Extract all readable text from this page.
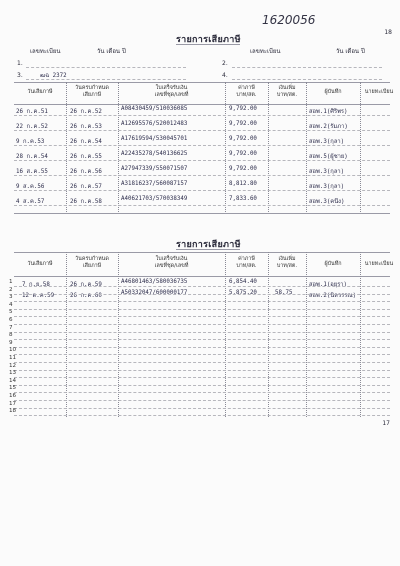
18
1620056
รายการเสียภาษี
เลขทะเบียน	วัน เดือน ปี	เลขทะเบียน	วัน เดือน ปี
1.	2.
3.	ฒฉ 2372	4.
วันเสียภาษี
วันครบกำหนด
เสียภาษี
ใบเสร็จรับเงิน
เลขที่ชุด/เลขที่
ค่าภาษี
บาท/สต.
เงินเพิ่ม
บาท/สต.	ผู้บันทึก	นายทะเบียน
26 ก.ค.51	26 ก.ค.52	A08430459/510036085	9,792.00	สอพ.1(ศิริพร)
22 ก.ค.52	26 ก.ค.53	A12695576/520012483	9,792.00	สอพ.2(รัมภา)
9 ก.ค.53	26 ก.ค.54	A17619594/530045701	9,792.00	สอพ.3(กุลา)
28 ก.ค.54	26 ก.ค.55	A22435278/540136625	9,792.00	สอพ.5(ผู้ชาย)
16 ส.ค.55	26 ก.ค.56	A27947339/550071507	9,792.00	สอพ.3(กุลา)
9 ส.ค.56	26 ก.ค.57	A31816237/560087157	8,812.80	สอพ.3(กุลา)
4 ส.ค.57	26 ก.ค.58	A40621703/570038349	7,833.60	สอพ.3(คนึง)
รายการเสียภาษี
วันเสียภาษี
วันครบกำหนด
เสียภาษี
ใบเสร็จรับเงิน
เลขที่ชุด/เลขที่
ค่าภาษี
บาท/สต.
เงินเพิ่ม
บาท/สต.	ผู้บันทึก	นายทะเบียน
7 ก.ย.58	26 ก.ค.59	A46801463/580036735	6,854.40	สอพ.1(อยุรา)
12 ต.ค.59	26 ก.ค.60	A50332047/600000177	5,875.20	58.75	สอพ.2(นิลวรรณ)
1
2
3
4
5
6
7
8
9
10
11
12
13
14
15
16
17
18
17
